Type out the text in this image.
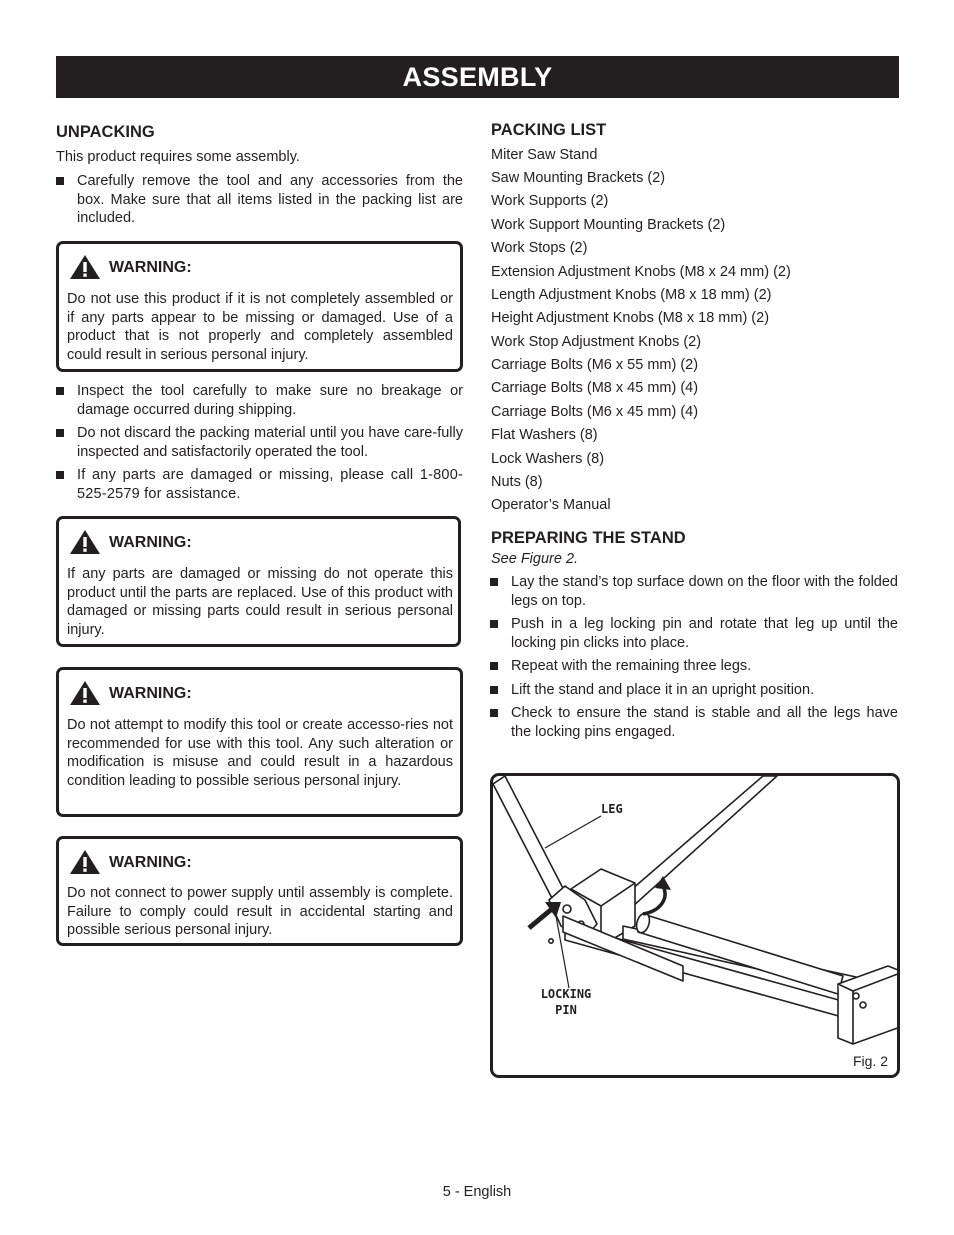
ASSEMBLY
UNPACKING
This product requires some assembly.
Carefully remove the tool and any accessories from the box. Make sure that all items listed in the packing list are included.
WARNING:
Do not use this product if it is not completely assembled or if any parts appear to be missing or damaged. Use of a product that is not properly and completely assembled could result in serious personal injury.
Inspect the tool carefully to make sure no breakage or damage occurred during shipping.
Do not discard the packing material until you have care-fully inspected and satisfactorily operated the tool.
If any parts are damaged or missing, please call 1-800-525-2579 for assistance.
WARNING:
If any parts are damaged or missing do not operate this product until the parts are replaced. Use of this product with damaged or missing parts could result in serious personal injury.
WARNING:
Do not attempt to modify this tool or create accesso-ries not recommended for use with this tool. Any such alteration or modification is misuse and could result in a hazardous condition leading to possible serious personal injury.
WARNING:
Do not connect to power supply until assembly is complete. Failure to comply could result in accidental starting and possible serious personal injury.
PACKING LIST
Miter Saw Stand
Saw Mounting Brackets (2)
Work Supports (2)
Work Support Mounting Brackets (2)
Work Stops (2)
Extension Adjustment Knobs (M8 x 24 mm) (2)
Length Adjustment Knobs (M8 x 18 mm) (2)
Height Adjustment Knobs (M8 x 18 mm) (2)
Work Stop Adjustment Knobs (2)
Carriage Bolts (M6 x 55 mm) (2)
Carriage Bolts (M8 x 45 mm) (4)
Carriage Bolts (M6 x 45 mm) (4)
Flat Washers (8)
Lock Washers (8)
Nuts (8)
Operator’s Manual
PREPARING THE STAND
See Figure 2.
Lay the stand’s top surface down on the floor with the folded legs on top.
Push in a leg locking pin and rotate that leg up until the locking pin clicks into place.
Repeat with the remaining three legs.
Lift the stand and place it in an upright position.
Check to ensure the stand is stable and all the legs have the locking pins engaged.
LEG
LOCKING
PIN
Fig. 2
5 - English
